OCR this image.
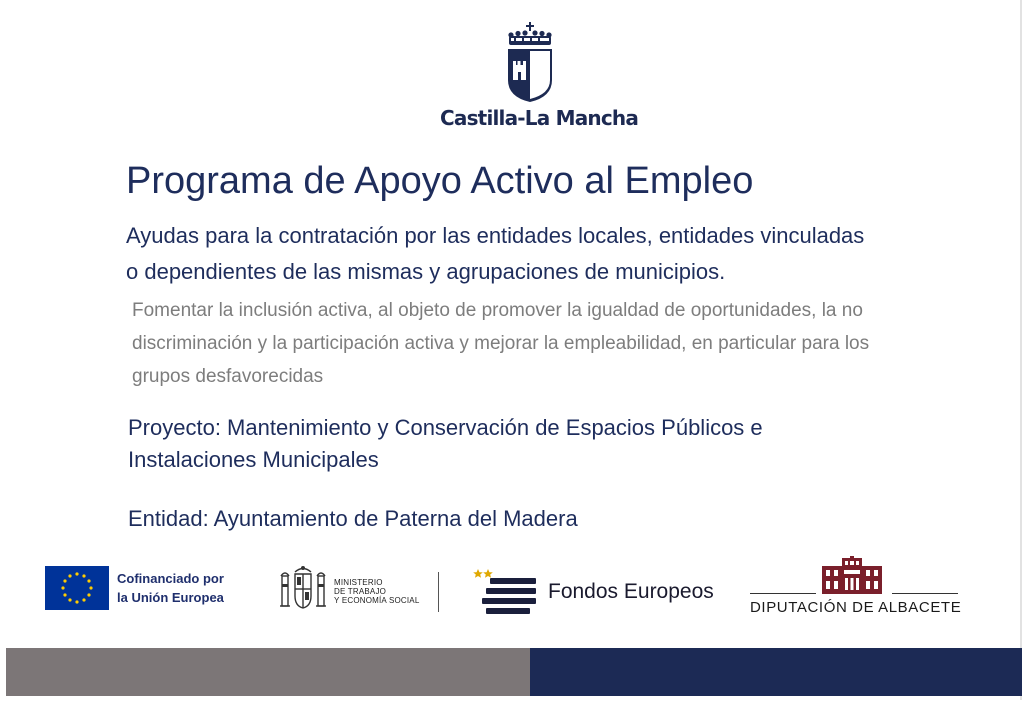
Castilla-La Mancha
Programa de Apoyo Activo al Empleo
Ayudas para la contratación por las entidades locales, entidades vinculadas
o dependientes de las mismas y agrupaciones de municipios.
Fomentar la inclusión activa, al objeto de promover la igualdad de oportunidades, la no
discriminación y la participación activa y mejorar la empleabilidad, en particular para los
grupos desfavorecidas
Proyecto: Mantenimiento y Conservación de Espacios Públicos e
Instalaciones Municipales
Entidad: Ayuntamiento de Paterna del Madera
Cofinanciado por
la Unión Europea
MINISTERIO
DE TRABAJO
Y ECONOMÍA SOCIAL	Fondos Europeos
DIPUTACIÓN DE ALBACETE
